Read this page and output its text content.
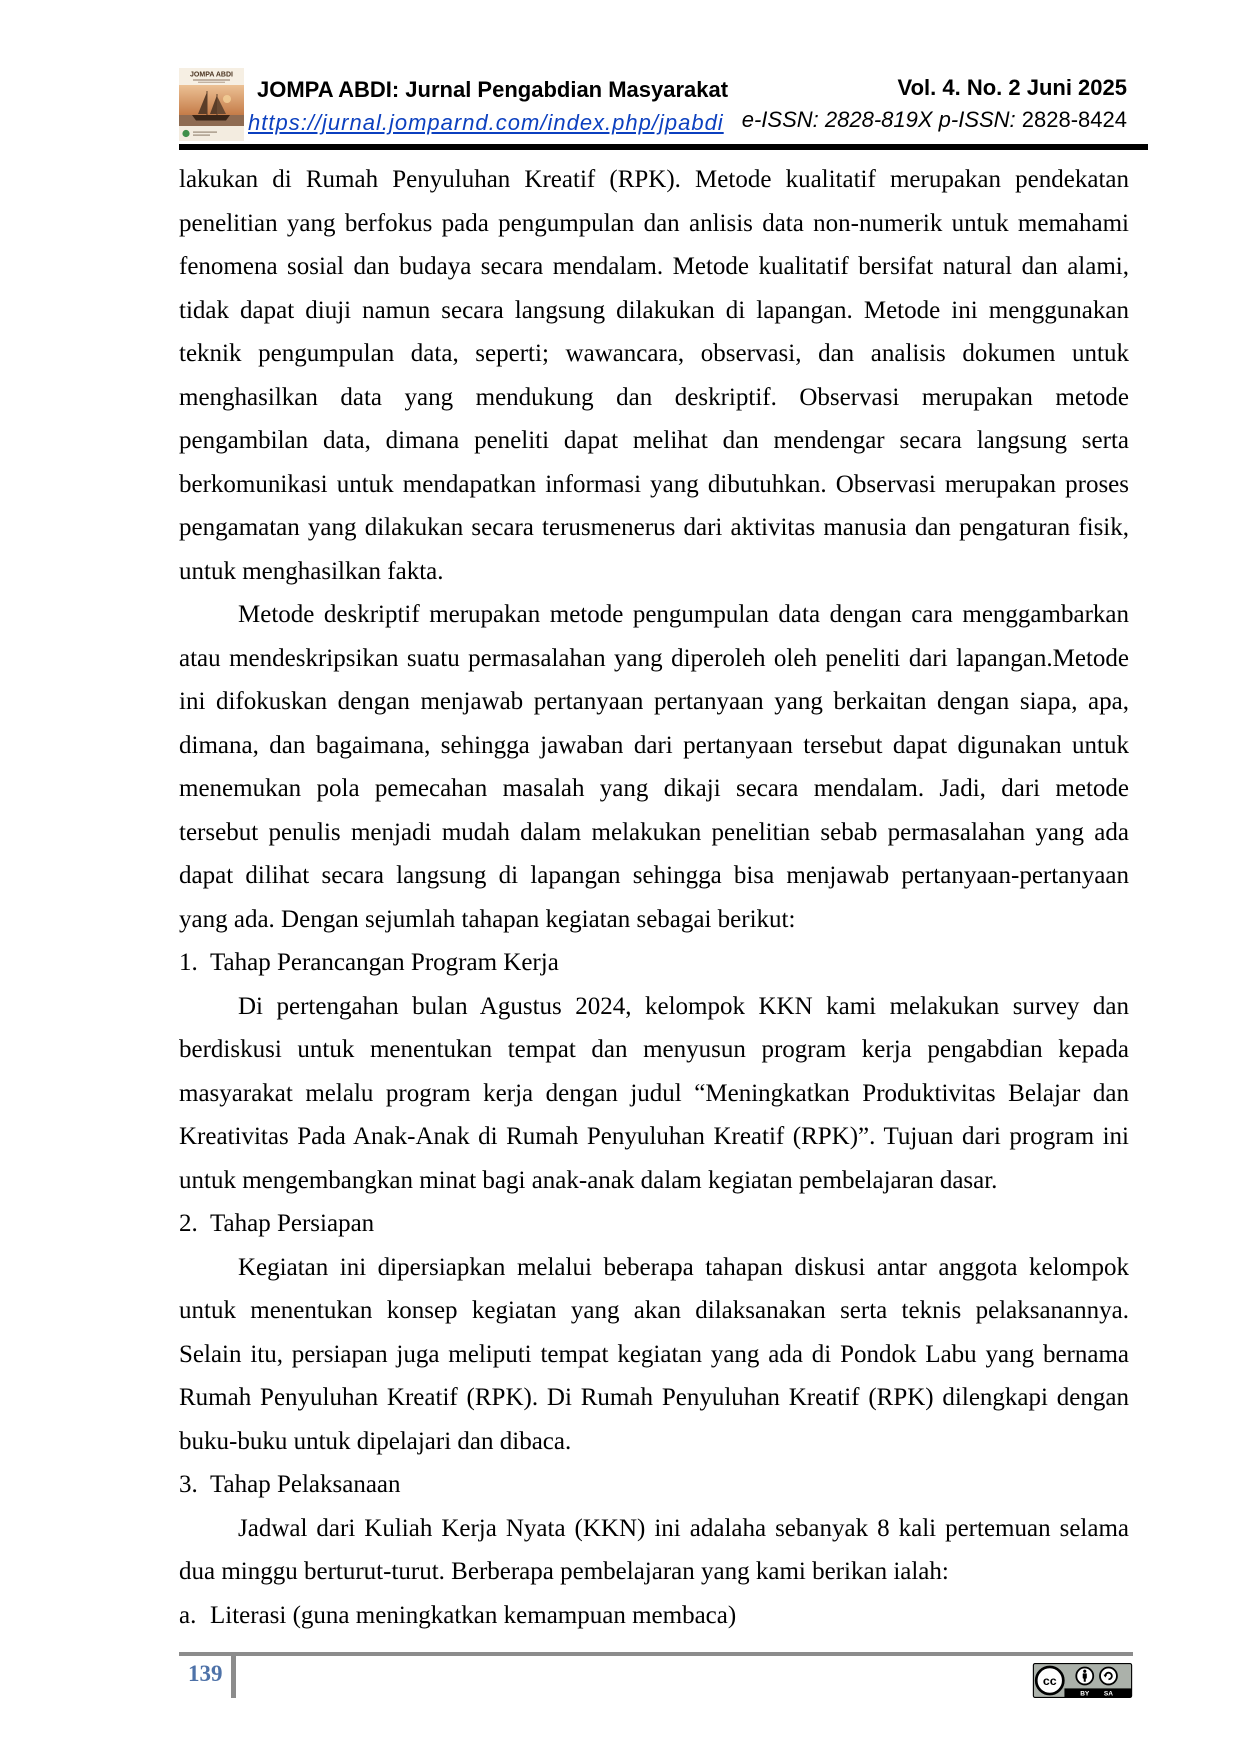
JOMPA ABDI
JOMPA ABDI: Jurnal Pengabdian Masyarakat
https://jurnal.jomparnd.com/index.php/jpabdi
Vol. 4. No. 2 Juni 2025
e-ISSN: 2828-819X p-ISSN: 2828-8424
lakukan di Rumah Penyuluhan Kreatif (RPK). Metode kualitatif merupakan pendekatan
penelitian yang berfokus pada pengumpulan dan anlisis data non-numerik untuk memahami
fenomena sosial dan budaya secara mendalam. Metode kualitatif bersifat natural dan alami,
tidak dapat diuji namun secara langsung dilakukan di lapangan. Metode ini menggunakan
teknik pengumpulan data, seperti; wawancara, observasi, dan analisis dokumen untuk
menghasilkan data yang mendukung dan deskriptif. Observasi merupakan metode
pengambilan data, dimana peneliti dapat melihat dan mendengar secara langsung serta
berkomunikasi untuk mendapatkan informasi yang dibutuhkan. Observasi merupakan proses
pengamatan yang dilakukan secara terusmenerus dari aktivitas manusia dan pengaturan fisik,
untuk menghasilkan fakta.
Metode deskriptif merupakan metode pengumpulan data dengan cara menggambarkan
atau mendeskripsikan suatu permasalahan yang diperoleh oleh peneliti dari lapangan.Metode
ini difokuskan dengan menjawab pertanyaan pertanyaan yang berkaitan dengan siapa, apa,
dimana, dan bagaimana, sehingga jawaban dari pertanyaan tersebut dapat digunakan untuk
menemukan pola pemecahan masalah yang dikaji secara mendalam. Jadi, dari metode
tersebut penulis menjadi mudah dalam melakukan penelitian sebab permasalahan yang ada
dapat dilihat secara langsung di lapangan sehingga bisa menjawab pertanyaan-pertanyaan
yang ada. Dengan sejumlah tahapan kegiatan sebagai berikut:
1. Tahap Perancangan Program Kerja
Di pertengahan bulan Agustus 2024, kelompok KKN kami melakukan survey dan
berdiskusi untuk menentukan tempat dan menyusun program kerja pengabdian kepada
masyarakat melalu program kerja dengan judul “Meningkatkan Produktivitas Belajar dan
Kreativitas Pada Anak-Anak di Rumah Penyuluhan Kreatif (RPK)”. Tujuan dari program ini
untuk mengembangkan minat bagi anak-anak dalam kegiatan pembelajaran dasar.
2. Tahap Persiapan
Kegiatan ini dipersiapkan melalui beberapa tahapan diskusi antar anggota kelompok
untuk menentukan konsep kegiatan yang akan dilaksanakan serta teknis pelaksanannya.
Selain itu, persiapan juga meliputi tempat kegiatan yang ada di Pondok Labu yang bernama
Rumah Penyuluhan Kreatif (RPK). Di Rumah Penyuluhan Kreatif (RPK) dilengkapi dengan
buku-buku untuk dipelajari dan dibaca.
3. Tahap Pelaksanaan
Jadwal dari Kuliah Kerja Nyata (KKN) ini adalaha sebanyak 8 kali pertemuan selama
dua minggu berturut-turut. Berberapa pembelajaran yang kami berikan ialah:
a. Literasi (guna meningkatkan kemampuan membaca)
139	cc
BY	SA
